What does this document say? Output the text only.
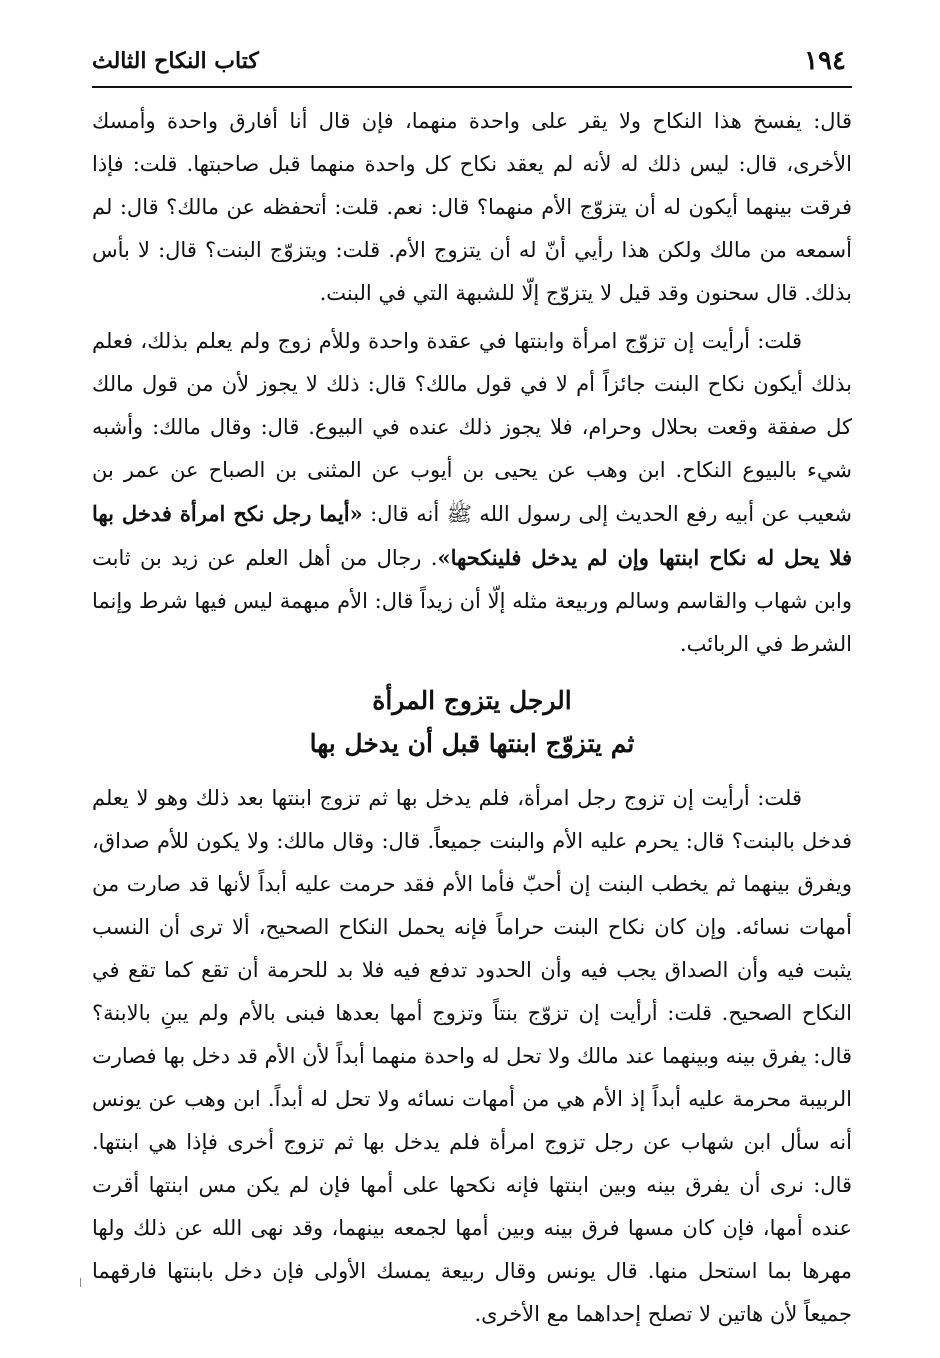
١٩٤
كتاب النكاح الثالث

قال: يفسخ هذا النكاح ولا يقر على واحدة منهما، فإن قال أنا أفارق واحدة وأمسك الأخرى، قال: ليس ذلك له لأنه لم يعقد نكاح كل واحدة منهما قبل صاحبتها. قلت: فإذا فرقت بينهما أيكون له أن يتزوّج الأم منهما؟ قال: نعم. قلت: أتحفظه عن مالك؟ قال: لم أسمعه من مالك ولكن هذا رأيي أنّ له أن يتزوج الأم. قلت: ويتزوّج البنت؟ قال: لا بأس بذلك. قال سحنون وقد قيل لا يتزوّج إلّا للشبهة التي في البنت.

قلت: أرأيت إن تزوّج امرأة وابنتها في عقدة واحدة وللأم زوج ولم يعلم بذلك، فعلم بذلك أيكون نكاح البنت جائزاً أم لا في قول مالك؟ قال: ذلك لا يجوز لأن من قول مالك كل صفقة وقعت بحلال وحرام، فلا يجوز ذلك عنده في البيوع. قال: وقال مالك: وأشبه شيء بالبيوع النكاح. ابن وهب عن يحيى بن أيوب عن المثنى بن الصباح عن عمر بن شعيب عن أبيه رفع الحديث إلى رسول الله ﷺ أنه قال: «أيما رجل نكح امرأة فدخل بها فلا يحل له نكاح ابنتها وإن لم يدخل فلينكحها». رجال من أهل العلم عن زيد بن ثابت وابن شهاب والقاسم وسالم وربيعة مثله إلّا أن زيداً قال: الأم مبهمة ليس فيها شرط وإنما الشرط في الربائب.

الرجل يتزوج المرأة
ثم يتزوّج ابنتها قبل أن يدخل بها

قلت: أرأيت إن تزوج رجل امرأة، فلم يدخل بها ثم تزوج ابنتها بعد ذلك وهو لا يعلم فدخل بالبنت؟ قال: يحرم عليه الأم والبنت جميعاً. قال: وقال مالك: ولا يكون للأم صداق، ويفرق بينهما ثم يخطب البنت إن أحبّ فأما الأم فقد حرمت عليه أبداً لأنها قد صارت من أمهات نسائه. وإن كان نكاح البنت حراماً فإنه يحمل النكاح الصحيح، ألا ترى أن النسب يثبت فيه وأن الصداق يجب فيه وأن الحدود تدفع فيه فلا بد للحرمة أن تقع كما تقع في النكاح الصحيح. قلت: أرأيت إن تزوّج بنتاً وتزوج أمها بعدها فبنى بالأم ولم يبنِ بالابنة؟ قال: يفرق بينه وبينهما عند مالك ولا تحل له واحدة منهما أبداً لأن الأم قد دخل بها فصارت الربيبة محرمة عليه أبداً إذ الأم هي من أمهات نسائه ولا تحل له أبداً. ابن وهب عن يونس أنه سأل ابن شهاب عن رجل تزوج امرأة فلم يدخل بها ثم تزوج أخرى فإذا هي ابنتها. قال: نرى أن يفرق بينه وبين ابنتها فإنه نكحها على أمها فإن لم يكن مس ابنتها أقرت عنده أمها، فإن كان مسها فرق بينه وبين أمها لجمعه بينهما، وقد نهى الله عن ذلك ولها مهرها بما استحل منها. قال يونس وقال ربيعة يمسك الأولى فإن دخل بابنتها فارقهما جميعاً لأن هاتين لا تصلح إحداهما مع الأخرى.
